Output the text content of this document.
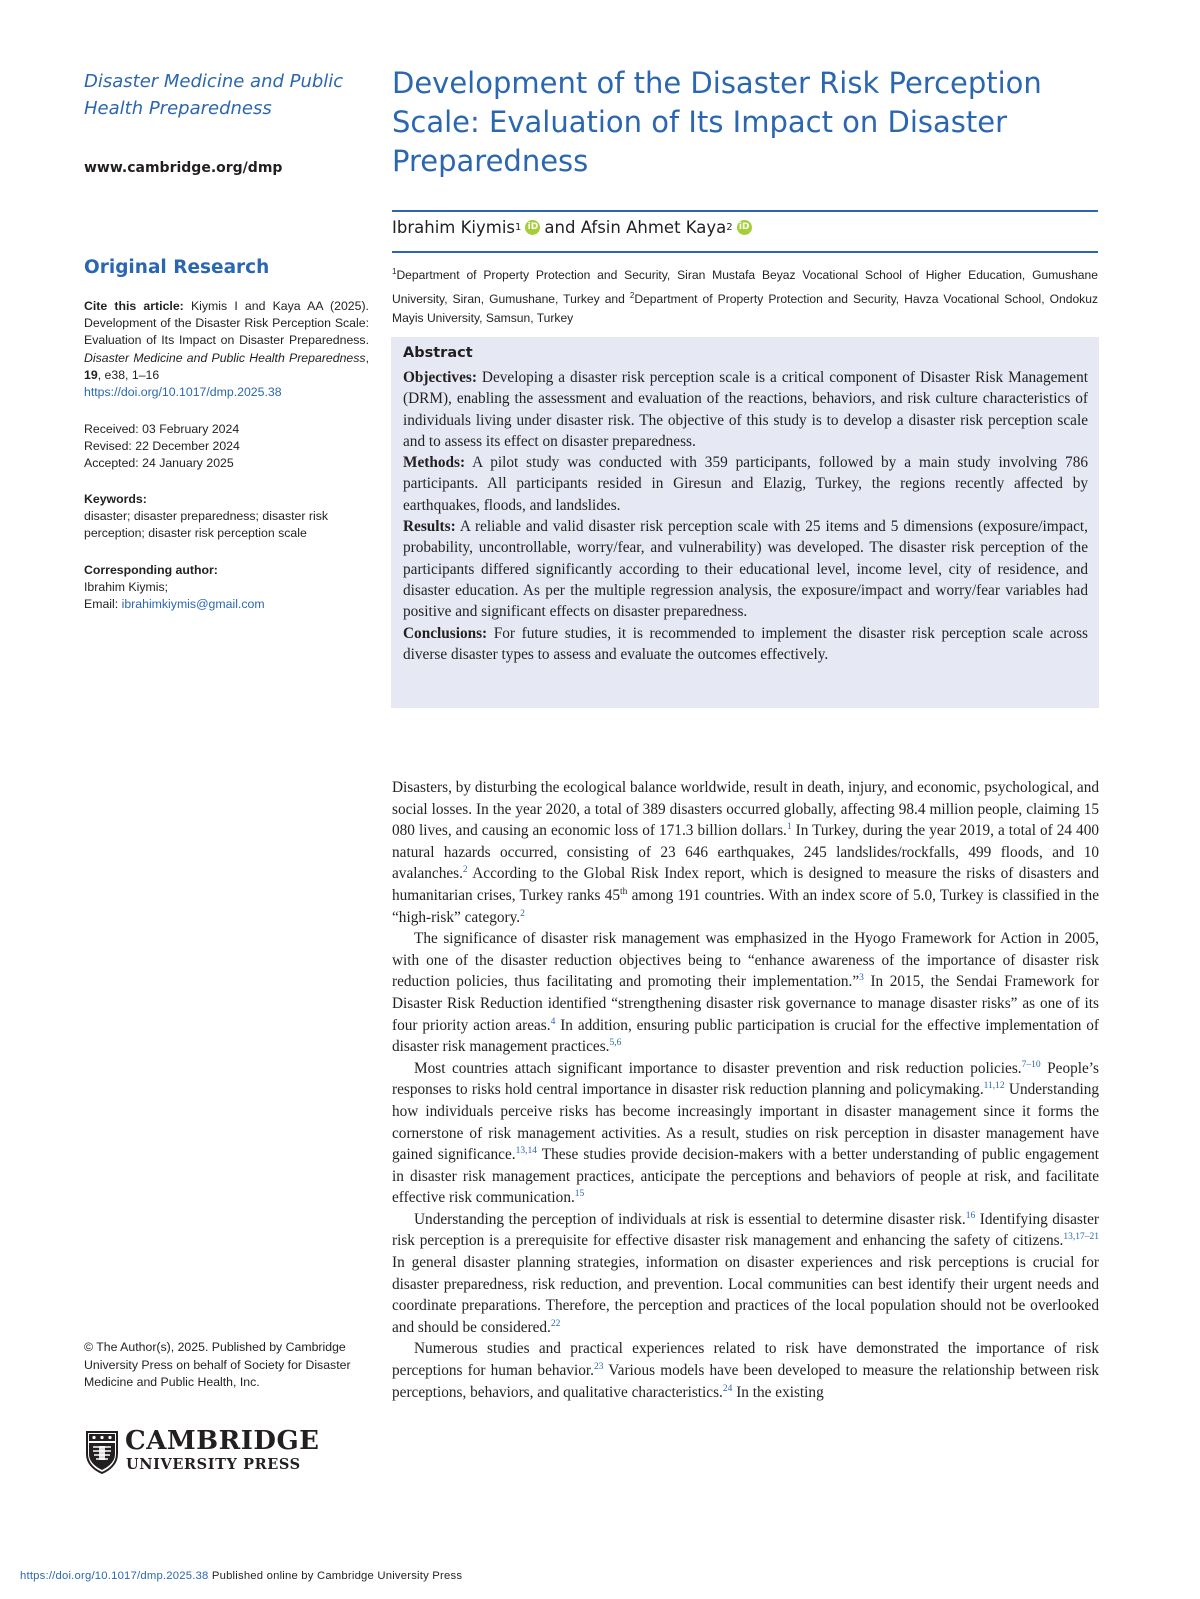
Disaster Medicine and Public Health Preparedness
www.cambridge.org/dmp
Original Research
Cite this article: Kiymis I and Kaya AA (2025). Development of the Disaster Risk Perception Scale: Evaluation of Its Impact on Disaster Preparedness. Disaster Medicine and Public Health Preparedness, 19, e38, 1–16
https://doi.org/10.1017/dmp.2025.38
Received: 03 February 2024
Revised: 22 December 2024
Accepted: 24 January 2025
Keywords:
disaster; disaster preparedness; disaster risk perception; disaster risk perception scale
Corresponding author:
Ibrahim Kiymis;
Email: ibrahimkiymis@gmail.com
© The Author(s), 2025. Published by Cambridge University Press on behalf of Society for Disaster Medicine and Public Health, Inc.
CAMBRIDGE
UNIVERSITY PRESS
Development of the Disaster Risk Perception Scale: Evaluation of Its Impact on Disaster Preparedness
Ibrahim Kiymis 1 iD and
Afsin Ahmet Kaya 2 iD
$^1$Department of Property Protection and Security, Siran Mustafa Beyaz Vocational School of Higher Education, Gumushane University, Siran, Gumushane, Turkey and $^2$Department of Property Protection and Security, Havza Vocational School, Ondokuz Mayis University, Samsun, Turkey
Abstract

Objectives: Developing a disaster risk perception scale is a critical component of Disaster Risk Management (DRM), enabling the assessment and evaluation of the reactions, behaviors, and risk culture characteristics of individuals living under disaster risk. The objective of this study is to develop a disaster risk perception scale and to assess its effect on disaster preparedness.

Methods: A pilot study was conducted with 359 participants, followed by a main study involving 786 participants. All participants resided in Giresun and Elazig, Turkey, the regions recently affected by earthquakes, floods, and landslides.

Results: A reliable and valid disaster risk perception scale with 25 items and 5 dimensions (exposure/impact, probability, uncontrollable, worry/fear, and vulnerability) was developed. The disaster risk perception of the participants differed significantly according to their educational level, income level, city of residence, and disaster education. As per the multiple regression analysis, the exposure/impact and worry/fear variables had positive and significant effects on disaster preparedness.

Conclusions: For future studies, it is recommended to implement the disaster risk perception scale across diverse disaster types to assess and evaluate the outcomes effectively.

Disasters, by disturbing the ecological balance worldwide, result in death, injury, and economic, psychological, and social losses. In the year 2020, a total of 389 disasters occurred globally, affecting 98.4 million people, claiming 15 080 lives, and causing an economic loss of 171.3 billion dollars.$^1$ In Turkey, during the year 2019, a total of 24 400 natural hazards occurred, consisting of 23 646 earthquakes, 245 landslides/rockfalls, 499 floods, and 10 avalanches.$^2$ According to the Global Risk Index report, which is designed to measure the risks of disasters and humanitarian crises, Turkey ranks 45th among 191 countries. With an index score of 5.0, Turkey is classified in the “high-risk” category.$^2$

The significance of disaster risk management was emphasized in the Hyogo Framework for Action in 2005, with one of the disaster reduction objectives being to “enhance awareness of the importance of disaster risk reduction policies, thus facilitating and promoting their implementation.”$^3$ In 2015, the Sendai Framework for Disaster Risk Reduction identified “strengthening disaster risk governance to manage disaster risks” as one of its four priority action areas.$^4$ In addition, ensuring public participation is crucial for the effective implementation of disaster risk management practices.$^{5,6}$

Most countries attach significant importance to disaster prevention and risk reduction policies.$^{7-10}$ People’s responses to risks hold central importance in disaster risk reduction planning and policymaking.$^{11,12}$ Understanding how individuals perceive risks has become increasingly important in disaster management since it forms the cornerstone of risk management activities. As a result, studies on risk perception in disaster management have gained significance.$^{13,14}$ These studies provide decision-makers with a better understanding of public engagement in disaster risk management practices, anticipate the perceptions and behaviors of people at risk, and facilitate effective risk communication.$^{15}$

Understanding the perception of individuals at risk is essential to determine disaster risk.$^{16}$ Identifying disaster risk perception is a prerequisite for effective disaster risk management and enhancing the safety of citizens.$^{13,17-21}$ In general disaster planning strategies, information on disaster experiences and risk perceptions is crucial for disaster preparedness, risk reduction, and prevention. Local communities can best identify their urgent needs and coordinate preparations. Therefore, the perception and practices of the local population should not be overlooked and should be considered.$^{22}$

Numerous studies and practical experiences related to risk have demonstrated the importance of risk perceptions for human behavior.$^{23}$ Various models have been developed to measure the relationship between risk perceptions, behaviors, and qualitative characteristics.$^{24}$ In the existing

https://doi.org/10.1017/dmp.2025.38 Published online by Cambridge University Press
